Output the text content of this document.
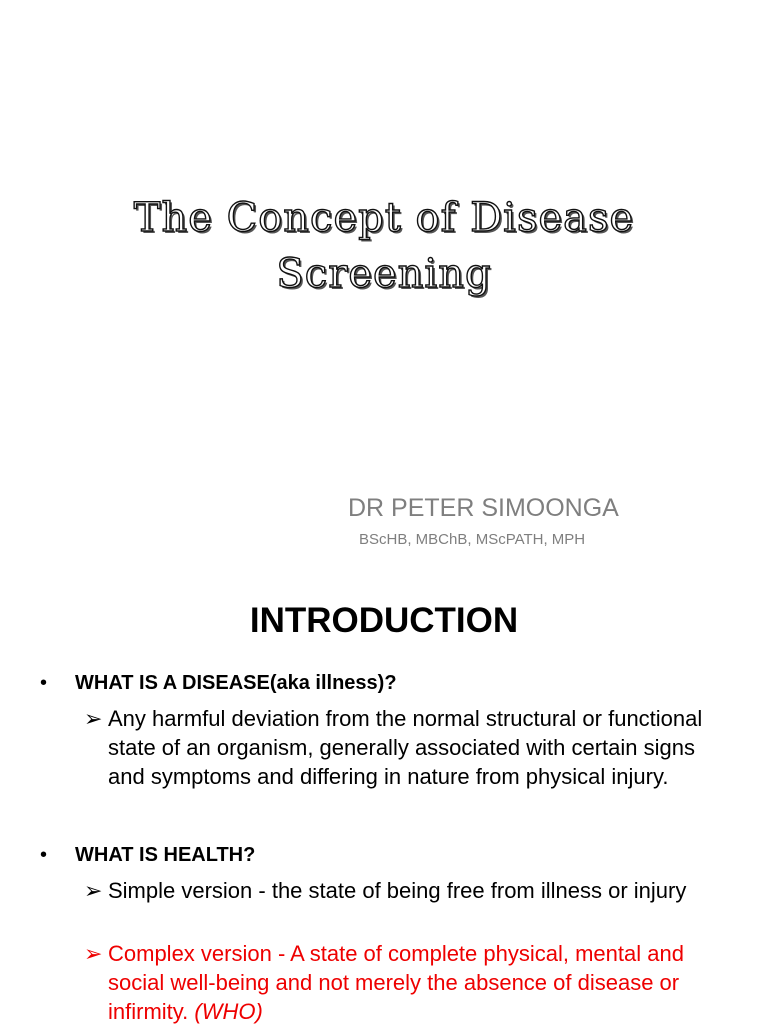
The Concept of Disease
Screening
DR PETER SIMOONGA
BScHB, MBChB, MScPATH, MPH
INTRODUCTION
• WHAT IS A DISEASE(aka illness)?
➢ Any harmful deviation from the normal structural or functional state of an organism, generally associated with certain signs and symptoms and differing in nature from physical injury.
• WHAT IS HEALTH?
➢ Simple version - the state of being free from illness or injury
➢ Complex version - A state of complete physical, mental and social well-being and not merely the absence of disease or infirmity. (WHO)
